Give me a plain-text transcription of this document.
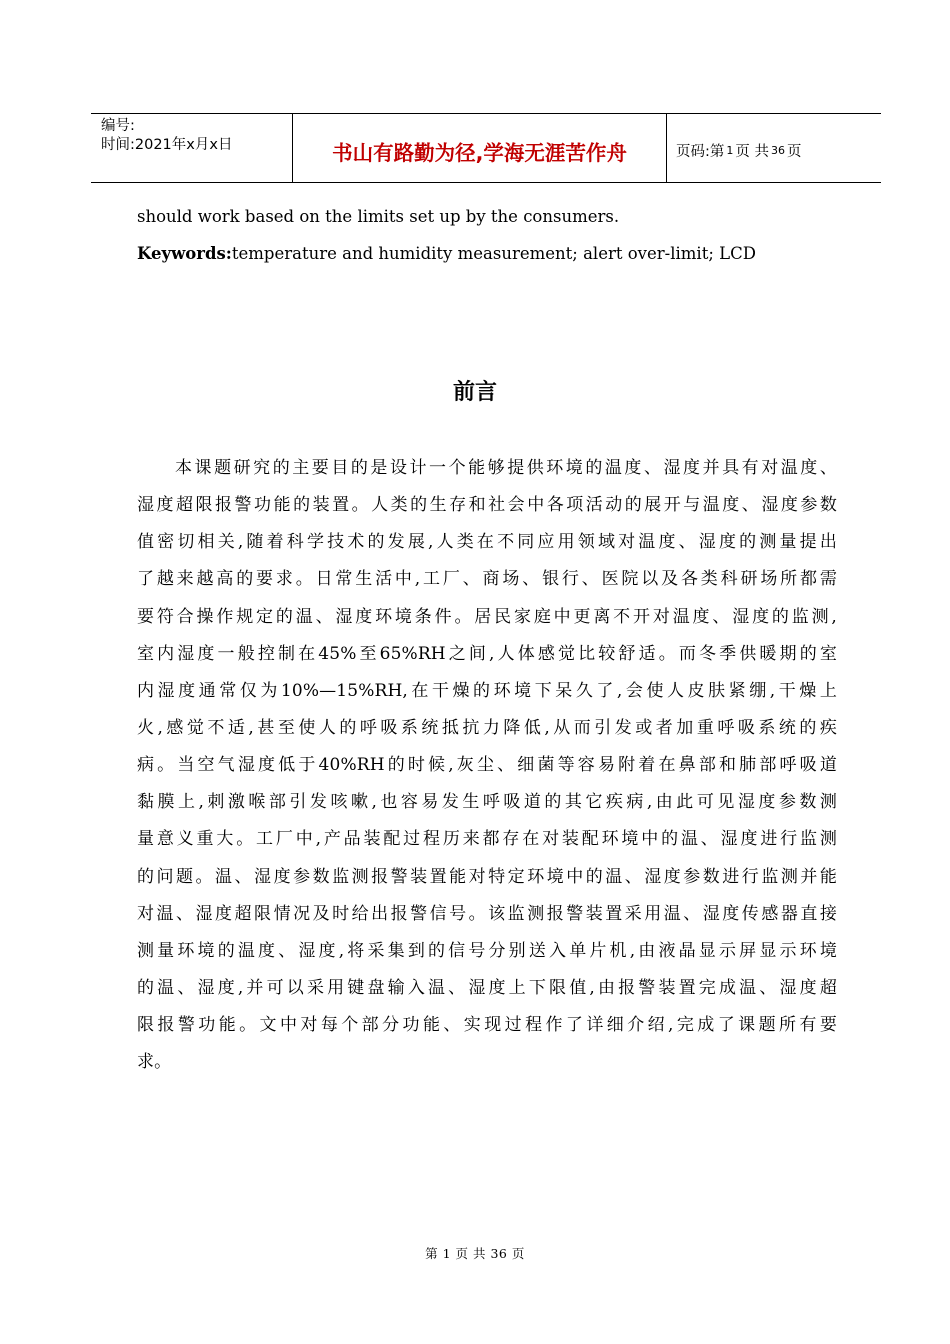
编号:
时间:2021年x月x日	书山有路勤为径,学海无涯苦作舟	页码:第 1 页 共 36 页
should work based on the limits set up by the consumers.
Keywords:temperature and humidity measurement; alert over-limit; LCD
前言
本课题研究的主要目的是设计一个能够提供环境的温度、湿度并具有对温度、
湿度超限报警功能的装置。人类的生存和社会中各项活动的展开与温度、湿度参数
值密切相关,随着科学技术的发展,人类在不同应用领域对温度、湿度的测量提出
了越来越高的要求。日常生活中,工厂、商场、银行、医院以及各类科研场所都需
要符合操作规定的温、湿度环境条件。居民家庭中更离不开对温度、湿度的监测,
室内湿度一般控制在45%至65%RH之间,人体感觉比较舒适。而冬季供暖期的室
内湿度通常仅为10%—15%RH,在干燥的环境下呆久了,会使人皮肤紧绷,干燥上
火,感觉不适,甚至使人的呼吸系统抵抗力降低,从而引发或者加重呼吸系统的疾
病。当空气湿度低于40%RH的时候,灰尘、细菌等容易附着在鼻部和肺部呼吸道
黏膜上,刺激喉部引发咳嗽,也容易发生呼吸道的其它疾病,由此可见湿度参数测
量意义重大。工厂中,产品装配过程历来都存在对装配环境中的温、湿度进行监测
的问题。温、湿度参数监测报警装置能对特定环境中的温、湿度参数进行监测并能
对温、湿度超限情况及时给出报警信号。该监测报警装置采用温、湿度传感器直接
测量环境的温度、湿度,将采集到的信号分别送入单片机,由液晶显示屏显示环境
的温、湿度,并可以采用键盘输入温、湿度上下限值,由报警装置完成温、湿度超
限报警功能。文中对每个部分功能、实现过程作了详细介绍,完成了课题所有要
求。
第 1 页 共 36 页
